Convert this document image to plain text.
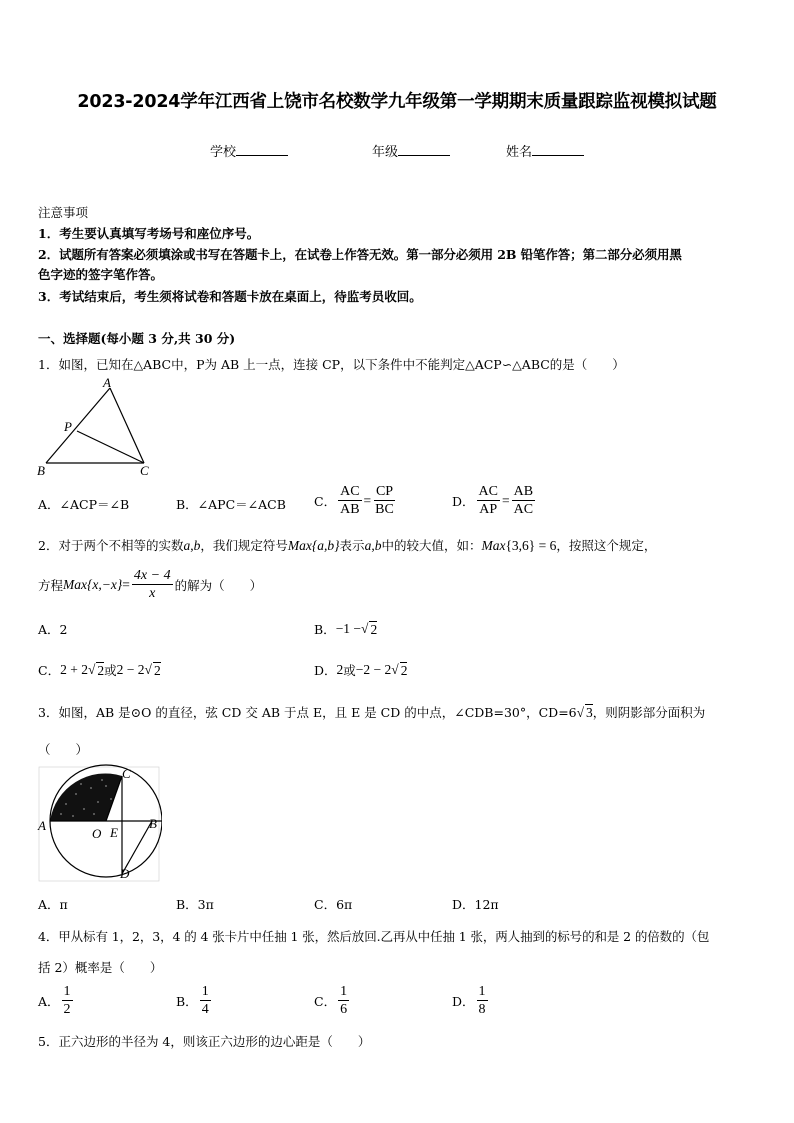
2023-2024学年江西省上饶市名校数学九年级第一学期期末质量跟踪监视模拟试题
学校	年级	姓名
注意事项
1．考生要认真填写考场号和座位序号。
2．试题所有答案必须填涂或书写在答题卡上，在试卷上作答无效。第一部分必须用 2B 铅笔作答；第二部分必须用黑
色字迹的签字笔作答。
3．考试结束后，考生须将试卷和答题卡放在桌面上，待监考员收回。
一、选择题(每小题 3 分,共 30 分)
1．如图，已知在△ABC中，P为 AB 上一点，连接 CP，以下条件中不能判定△ACP∽△ABC的是（　　）
A
P
B	C
A．∠ACP＝∠B	B．∠APC＝∠ACB C． $\frac{AC}{AB} = \frac{CP}{BC}$	D． $\frac{AC}{AP} = \frac{AB}{AC}$
2．对于两个不相等的实数a,b，我们规定符号Max{a,b}表示a,b中的较大值，如：Max{3,6} = 6，按照这个规定，
方程 Max $\{x,-x\} = \frac{4x - 4}{x}$ 的解为（　　）
A．2	B． −1 − √ 2
C． 2 + 2 √ 2 或 2 − 2 √ 2	D． 2 或 −2 − 2 √ 2
3．如图，AB 是⊙O 的直径，弦 CD 交 AB 于点 E，且 E 是 CD 的中点，∠CDB=30°，CD=6√ 3，则阴影部分面积为
（　　）
C
A
O E
B
D
A．π	B．3π	C．6π	D．12π
4．甲从标有 1，2，3，4 的 4 张卡片中任抽 1 张，然后放回.乙再从中任抽 1 张，两人抽到的标号的和是 2 的倍数的（包
括 2）概率是（　　）
A． $\frac{1}{2}$	B． $\frac{1}{4}$	C． $\frac{1}{6}$	D． $\frac{1}{8}$
5．正六边形的半径为 4，则该正六边形的边心距是（　　）
